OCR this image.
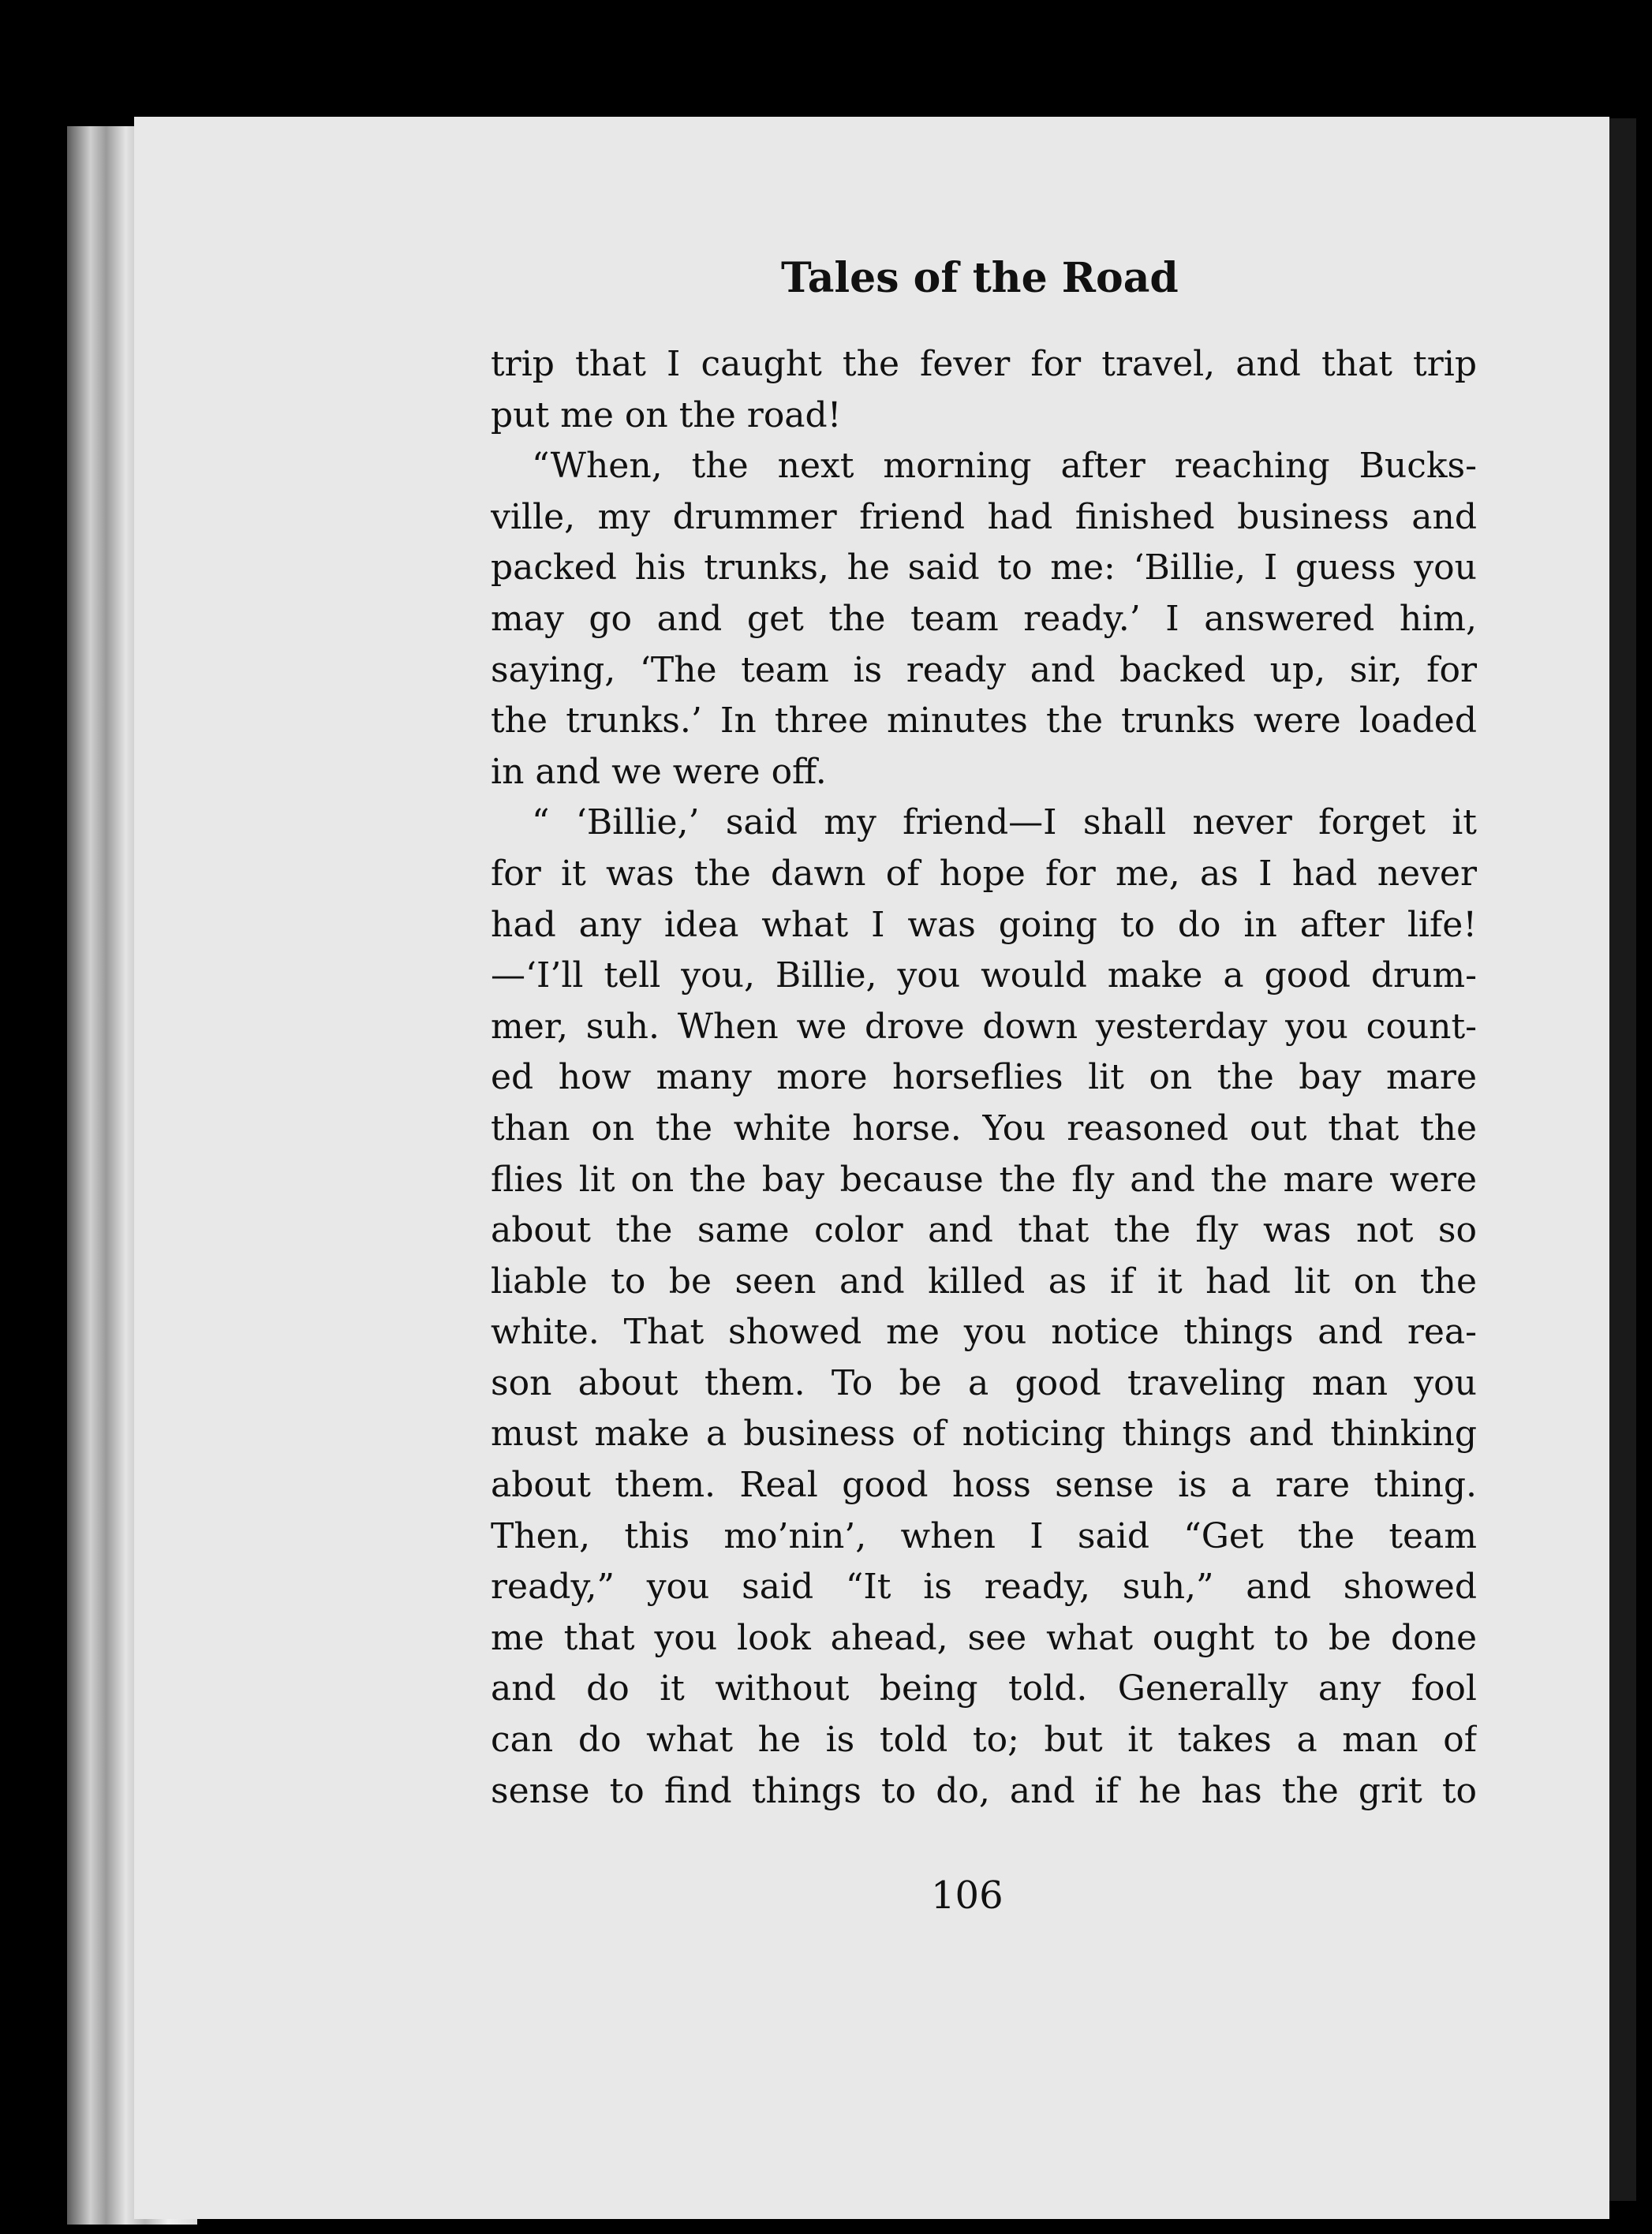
Tales of the Road
trip that I caught the fever for travel, and that trip
put me on the road!
“When, the next morning after reaching Bucks-
ville, my drummer friend had finished business and
packed his trunks, he said to me: ‘Billie, I guess you
may go and get the team ready.’ I answered him,
saying, ‘The team is ready and backed up, sir, for
the trunks.’ In three minutes the trunks were loaded
in and we were off.
“ ‘Billie,’ said my friend—I shall never forget it
for it was the dawn of hope for me, as I had never
had any idea what I was going to do in after life!
—‘I’ll tell you, Billie, you would make a good drum-
mer, suh. When we drove down yesterday you count-
ed how many more horseflies lit on the bay mare
than on the white horse. You reasoned out that the
flies lit on the bay because the fly and the mare were
about the same color and that the fly was not so
liable to be seen and killed as if it had lit on the
white. That showed me you notice things and rea-
son about them. To be a good traveling man you
must make a business of noticing things and thinking
about them. Real good hoss sense is a rare thing.
Then, this mo’nin’, when I said “Get the team
ready,” you said “It is ready, suh,” and showed
me that you look ahead, see what ought to be done
and do it without being told. Generally any fool
can do what he is told to; but it takes a man of
sense to find things to do, and if he has the grit to
106
